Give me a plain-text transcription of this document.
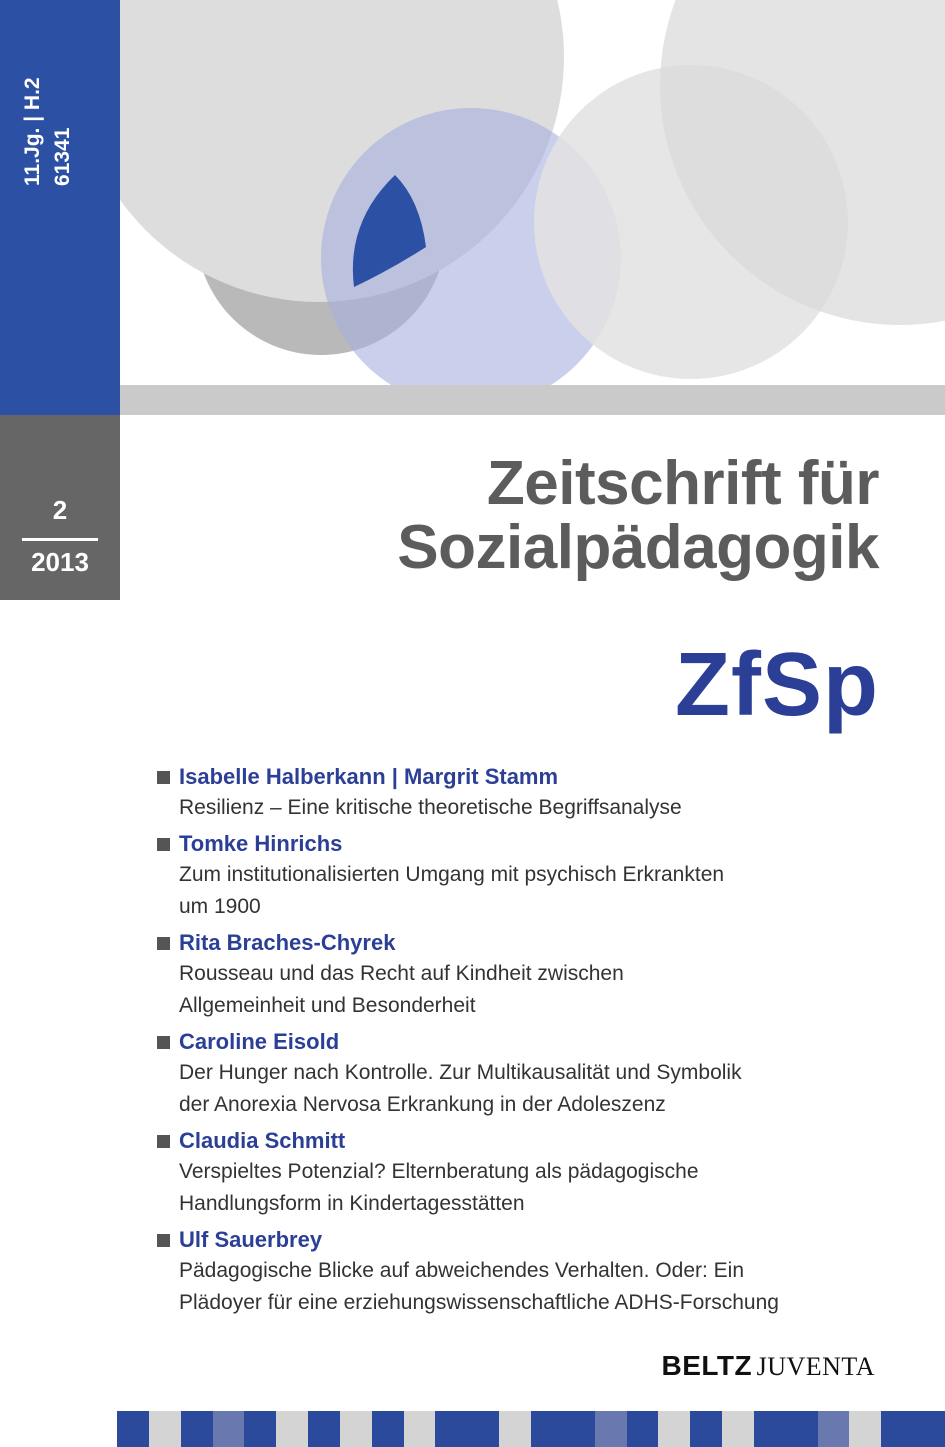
11.Jg. | H.2 61341
2
2013
Zeitschrift für
Sozialpädagogik
ZfSp
Isabelle Halberkann | Margrit Stamm
Resilienz – Eine kritische theoretische Begriffsanalyse
Tomke Hinrichs
Zum institutionalisierten Umgang mit psychisch Erkrankten
um 1900
Rita Braches-Chyrek
Rousseau und das Recht auf Kindheit zwischen
Allgemeinheit und Besonderheit
Caroline Eisold
Der Hunger nach Kontrolle. Zur Multikausalität und Symbolik
der Anorexia Nervosa Erkrankung in der Adoleszenz
Claudia Schmitt
Verspieltes Potenzial? Elternberatung als pädagogische
Handlungsform in Kindertagesstätten
Ulf Sauerbrey
Pädagogische Blicke auf abweichendes Verhalten. Oder: Ein
Plädoyer für eine erziehungswissenschaftliche ADHS-Forschung
BELTZ JUVENTA
